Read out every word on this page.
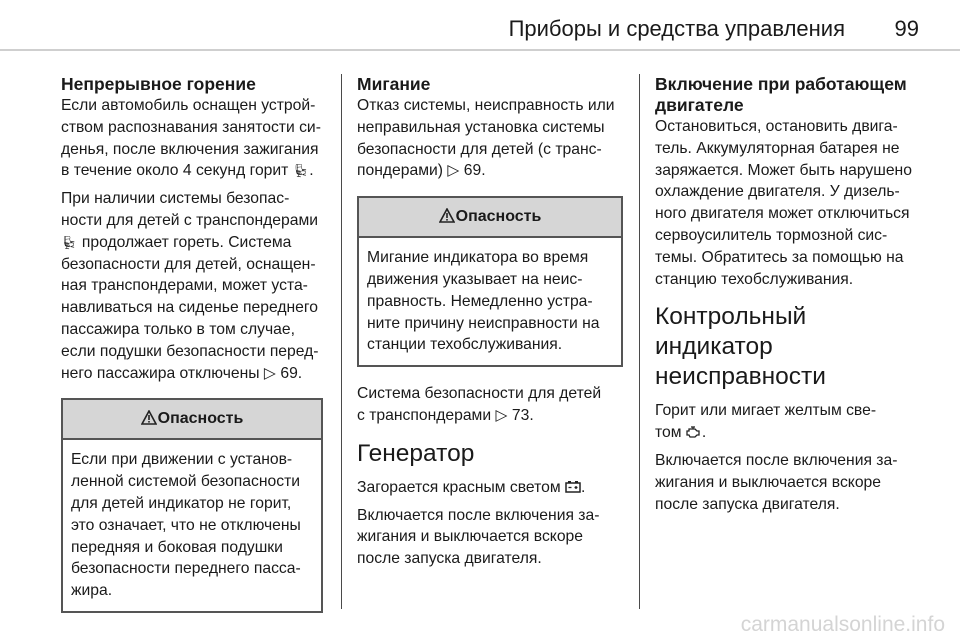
Приборы и средства управления 99
Непрерывное горение

Если автомобиль оснащен устрой-
ством распознавания занятости си-
денья, после включения зажигания
в течение около 4 секунд горит 💺︎.

При наличии системы безопас-
ности для детей с транспондерами
💺︎ продолжает гореть. Система
безопасности для детей, оснащен-
ная транспондерами, может уста-
навливаться на сиденье переднего
пассажира только в том случае,
если подушки безопасности перед-
него пассажира отключены ▷ 69.

Опасность
Если при движении с установ-
ленной системой безопасности
для детей индикатор не горит,
это означает, что не отключены
передняя и боковая подушки
безопасности переднего пасса-
жира.
Мигание

Отказ системы, неисправность или
неправильная установка системы
безопасности для детей (с транс-
пондерами) ▷ 69.

Опасность
Мигание индикатора во время
движения указывает на неис-
правность. Немедленно устра-
ните причину неисправности на
станции техобслуживания.

Система безопасности для детей
с транспондерами ▷ 73.

Генератор

Загорается красным светом .

Включается после включения за-
жигания и выключается вскоре
после запуска двигателя.

Включение при работающем
двигателе

Остановиться, остановить двига-
тель. Аккумуляторная батарея не
заряжается. Может быть нарушено
охлаждение двигателя. У дизель-
ного двигателя может отключиться
сервоусилитель тормозной сис-
темы. Обратитесь за помощью на
станцию техобслуживания.

Контрольный индикатор
неисправности

Горит или мигает желтым све-
том .

Включается после включения за-
жигания и выключается вскоре
после запуска двигателя.

carmanualsonline.info
